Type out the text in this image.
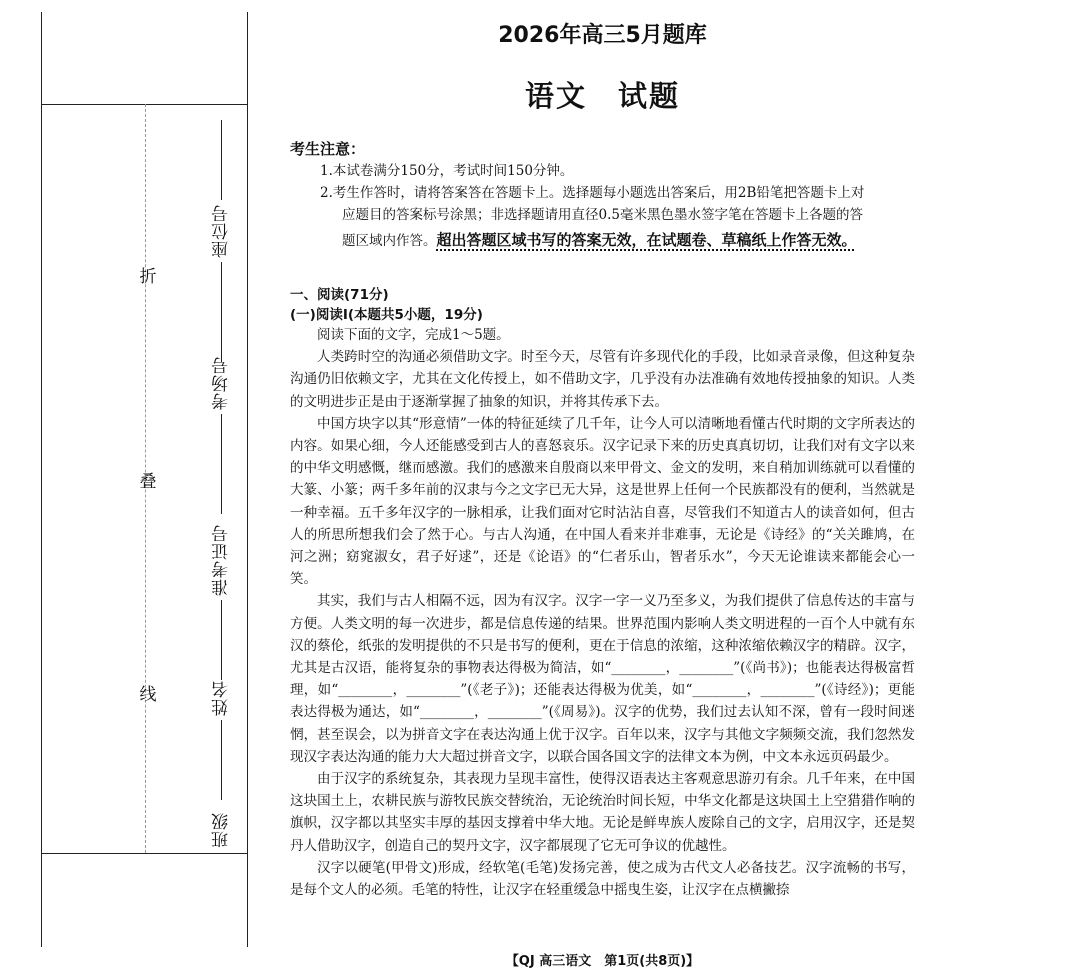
折
叠
线
座位号
考场号
准考证号
姓名
班级
2026年高三5月题库
语文　试题
考生注意：

1.本试卷满分150分，考试时间150分钟。

2.考生作答时，请将答案答在答题卡上。选择题每小题选出答案后，用2B铅笔把答题卡上对

应题目的答案标号涂黑；非选择题请用直径0.5毫米黑色墨水签字笔在答题卡上各题的答

题区域内作答。超出答题区域书写的答案无效，在试题卷、草稿纸上作答无效。

一、阅读(71分)
(一)阅读Ⅰ(本题共5小题，19分)

阅读下面的文字，完成1～5题。

人类跨时空的沟通必须借助文字。时至今天，尽管有许多现代化的手段，比如录音录像，但这种复杂沟通仍旧依赖文字，尤其在文化传授上，如不借助文字，几乎没有办法准确有效地传授抽象的知识。人类的文明进步正是由于逐渐掌握了抽象的知识，并将其传承下去。

中国方块字以其“形意情”一体的特征延续了几千年，让今人可以清晰地看懂古代时期的文字所表达的内容。如果心细，今人还能感受到古人的喜怒哀乐。汉字记录下来的历史真真切切，让我们对有文字以来的中华文明感慨，继而感激。我们的感激来自殷商以来甲骨文、金文的发明，来自稍加训练就可以看懂的大篆、小篆；两千多年前的汉隶与今之文字已无大异，这是世界上任何一个民族都没有的便利，当然就是一种幸福。五千多年汉字的一脉相承，让我们面对它时沾沾自喜，尽管我们不知道古人的读音如何，但古人的所思所想我们会了然于心。与古人沟通，在中国人看来并非难事，无论是《诗经》的“关关雎鸠，在河之洲；窈窕淑女，君子好逑”，还是《论语》的“仁者乐山，智者乐水”，今天无论谁读来都能会心一笑。

其实，我们与古人相隔不远，因为有汉字。汉字一字一义乃至多义，为我们提供了信息传达的丰富与方便。人类文明的每一次进步，都是信息传递的结果。世界范围内影响人类文明进程的一百个人中就有东汉的蔡伦，纸张的发明提供的不只是书写的便利，更在于信息的浓缩，这种浓缩依赖汉字的精辟。汉字，尤其是古汉语，能将复杂的事物表达得极为简洁，如“________，________”(《尚书》)；也能表达得极富哲理，如“________，________”(《老子》)；还能表达得极为优美，如“________，________”(《诗经》)；更能表达得极为通达，如“________，________”(《周易》)。汉字的优势，我们过去认知不深，曾有一段时间迷惘，甚至误会，以为拼音文字在表达沟通上优于汉字。百年以来，汉字与其他文字频频交流，我们忽然发现汉字表达沟通的能力大大超过拼音文字，以联合国各国文字的法律文本为例，中文本永远页码最少。

由于汉字的系统复杂，其表现力呈现丰富性，使得汉语表达主客观意思游刃有余。几千年来，在中国这块国土上，农耕民族与游牧民族交替统治，无论统治时间长短，中华文化都是这块国土上空猎猎作响的旗帜，汉字都以其坚实丰厚的基因支撑着中华大地。无论是鲜卑族人废除自己的文字，启用汉字，还是契丹人借助汉字，创造自己的契丹文字，汉字都展现了它无可争议的优越性。

汉字以硬笔(甲骨文)形成，经软笔(毛笔)发扬完善，使之成为古代文人必备技艺。汉字流畅的书写，是每个文人的必须。毛笔的特性，让汉字在轻重缓急中摇曳生姿，让汉字在点横撇捺

【QJ 高三语文　第1页(共8页)】
